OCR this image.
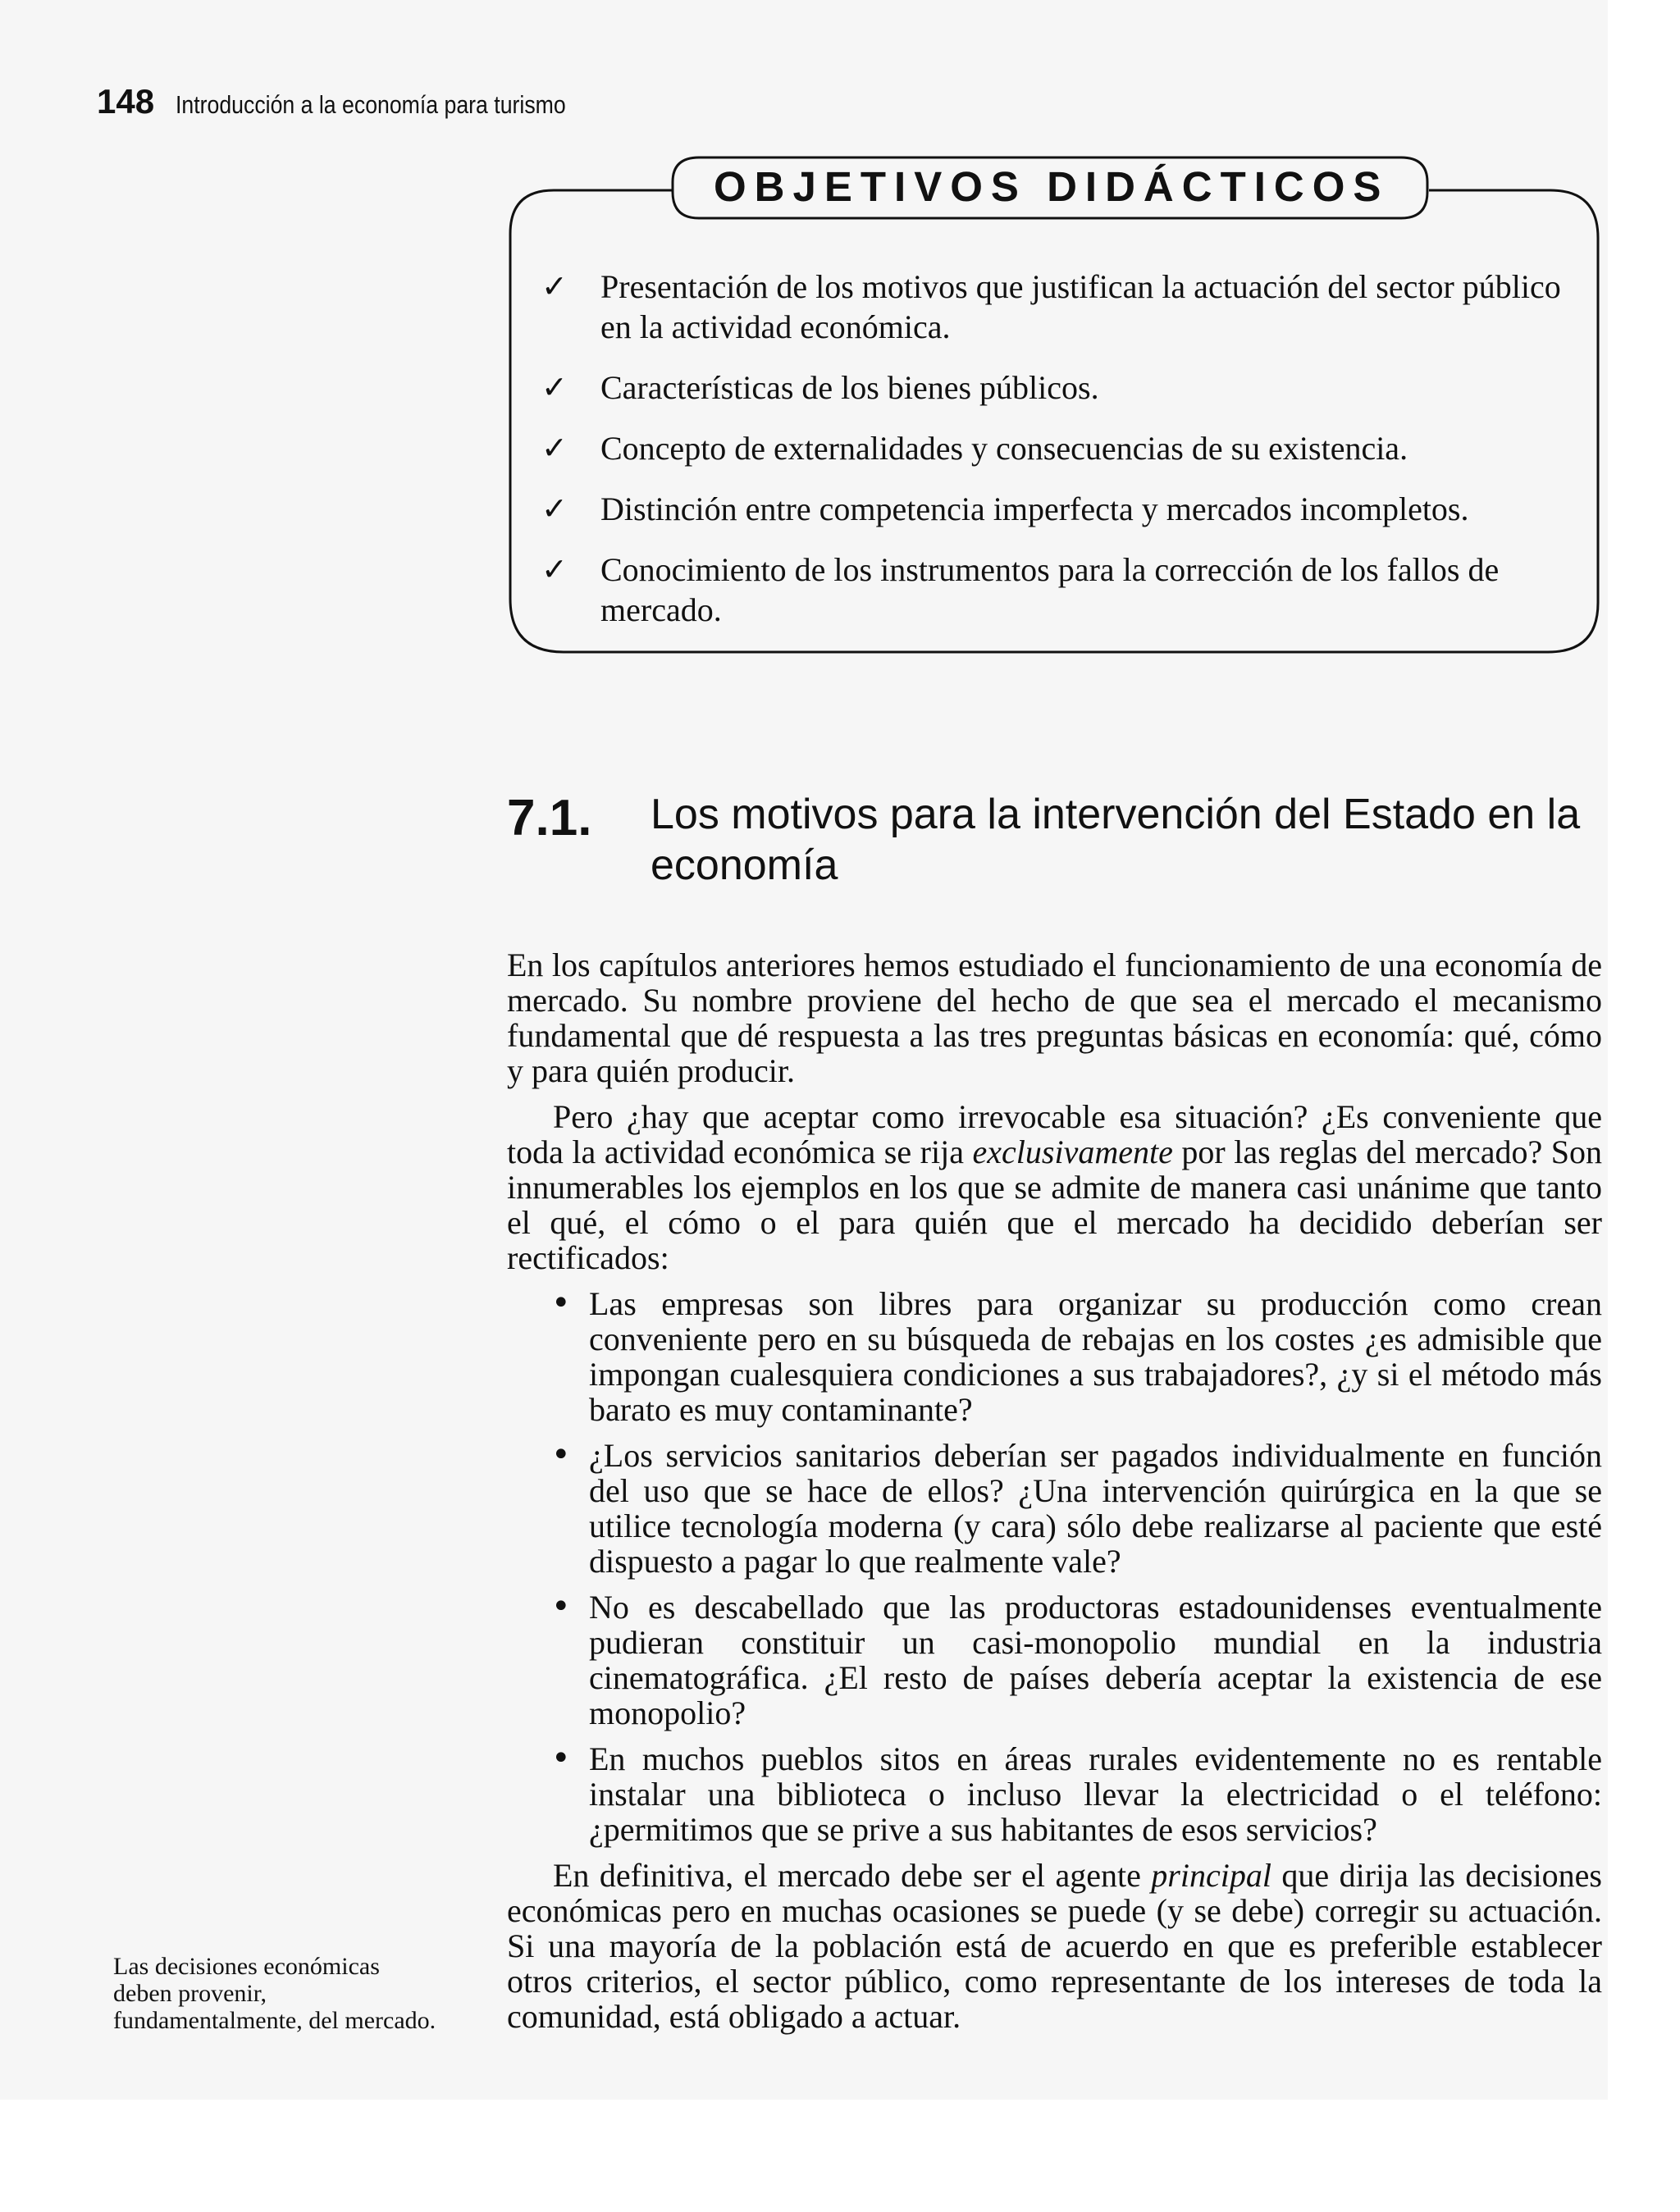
148 Introducción a la economía para turismo
OBJETIVOS DIDÁCTICOS
✓ Presentación de los motivos que justifican la actuación del sector público en la actividad económica.
✓ Características de los bienes públicos.
✓ Concepto de externalidades y consecuencias de su existencia.
✓ Distinción entre competencia imperfecta y mercados incompletos.
✓ Conocimiento de los instrumentos para la corrección de los fallos de mercado.
7.1. Los motivos para la intervención del Estado en la economía

En los capítulos anteriores hemos estudiado el funcionamiento de una economía de mercado. Su nombre proviene del hecho de que sea el mercado el mecanismo fundamental que dé respuesta a las tres preguntas básicas en economía: qué, cómo y para quién producir.

Pero ¿hay que aceptar como irrevocable esa situación? ¿Es conveniente que toda la actividad económica se rija exclusivamente por las reglas del mercado? Son innumerables los ejemplos en los que se admite de manera casi unánime que tanto el qué, el cómo o el para quién que el mercado ha decidido deberían ser rectificados:

• Las empresas son libres para organizar su producción como crean conveniente pero en su búsqueda de rebajas en los costes ¿es admisible que impongan cualesquiera condiciones a sus trabajadores?, ¿y si el método más barato es muy contaminante?
• ¿Los servicios sanitarios deberían ser pagados individualmente en función del uso que se hace de ellos? ¿Una intervención quirúrgica en la que se utilice tecnología moderna (y cara) sólo debe realizarse al paciente que esté dispuesto a pagar lo que realmente vale?
• No es descabellado que las productoras estadounidenses eventualmente pudieran constituir un casi-monopolio mundial en la industria cinematográfica. ¿El resto de países debería aceptar la existencia de ese monopolio?
• En muchos pueblos sitos en áreas rurales evidentemente no es rentable instalar una biblioteca o incluso llevar la electricidad o el teléfono: ¿permitimos que se prive a sus habitantes de esos servicios?

En definitiva, el mercado debe ser el agente principal que dirija las decisiones económicas pero en muchas ocasiones se puede (y se debe) corregir su actuación. Si una mayoría de la población está de acuerdo en que es preferible establecer otros criterios, el sector público, como representante de los intereses de toda la comunidad, está obligado a actuar.

Las decisiones económicas deben provenir, fundamentalmente, del mercado.
